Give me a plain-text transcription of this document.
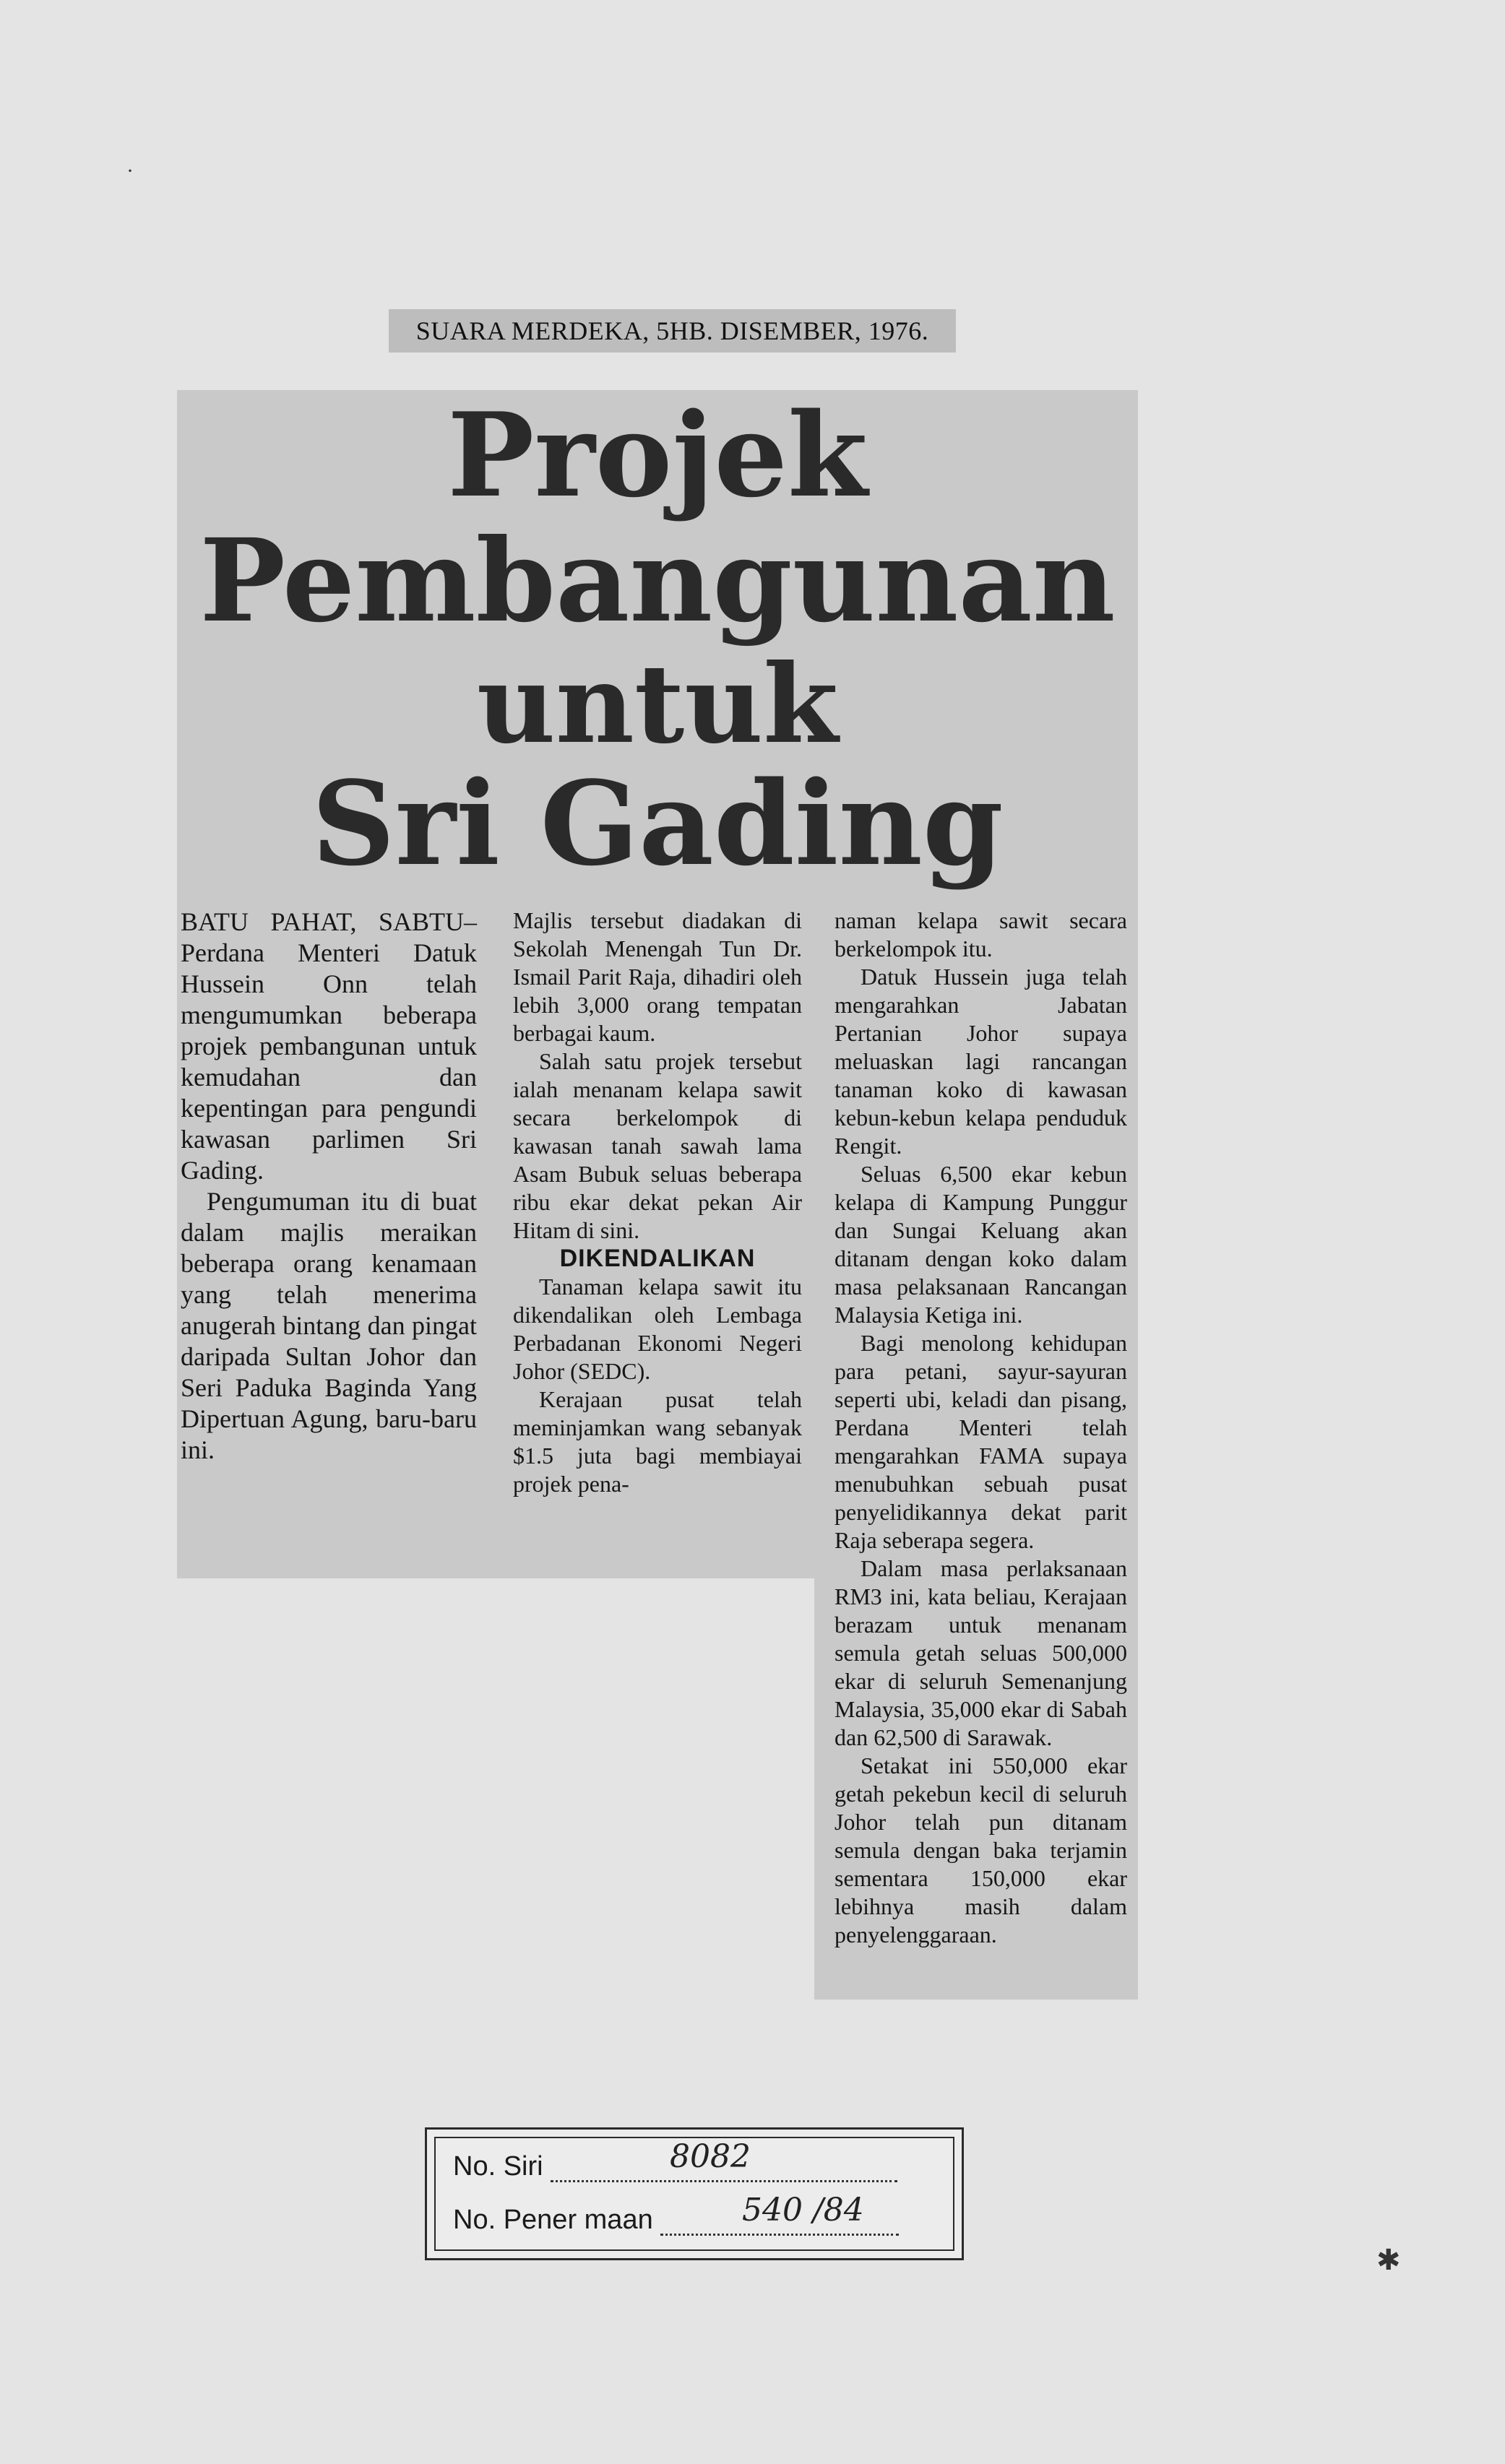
SUARA MERDEKA, 5HB. DISEMBER, 1976.
Projek
Pembangunan
untuk
Sri Gading

BATU PAHAT, SABTU– Perdana Menteri Datuk Hussein Onn telah mengumumkan beberapa projek pembangunan untuk kemudahan dan kepentingan para pengundi kawasan parlimen Sri Gading.

Pengumuman itu di buat dalam majlis meraikan beberapa orang kenamaan yang telah menerima anugerah bintang dan pingat daripada Sultan Johor dan Seri Paduka Baginda Yang Dipertuan Agung, baru-baru ini.

Majlis tersebut diadakan di Sekolah Menengah Tun Dr. Ismail Parit Raja, dihadiri oleh lebih 3,000 orang tempatan berbagai kaum.

Salah satu projek tersebut ialah menanam kelapa sawit secara berkelompok di kawasan tanah sawah lama Asam Bubuk seluas beberapa ribu ekar dekat pekan Air Hitam di sini.

DIKENDALIKAN

Tanaman kelapa sawit itu dikendalikan oleh Lembaga Perbadanan Ekonomi Negeri Johor (SEDC).

Kerajaan pusat telah meminjamkan wang sebanyak $1.5 juta bagi membiayai projek pena-

naman kelapa sawit secara berkelompok itu.

Datuk Hussein juga telah mengarahkan Jabatan Pertanian Johor supaya meluaskan lagi rancangan tanaman koko di kawasan kebun-kebun kelapa penduduk Rengit.

Seluas 6,500 ekar kebun kelapa di Kampung Punggur dan Sungai Keluang akan ditanam dengan koko dalam masa pelaksanaan Rancangan Malaysia Ketiga ini.

Bagi menolong kehidupan para petani, sayur-sayuran seperti ubi, keladi dan pisang, Perdana Menteri telah mengarahkan FAMA supaya menubuhkan sebuah pusat penyelidikannya dekat parit Raja seberapa segera.

Dalam masa perlaksanaan RM3 ini, kata beliau, Kerajaan berazam untuk menanam semula getah seluas 500,000 ekar di seluruh Semenanjung Malaysia, 35,000 ekar di Sabah dan 62,500 di Sarawak.

Setakat ini 550,000 ekar getah pekebun kecil di seluruh Johor telah pun ditanam semula dengan baka terjamin sementara 150,000 ekar lebihnya masih dalam penyelenggaraan.

No. Siri	8082
No. Pener maan	540 /84
✱
·
